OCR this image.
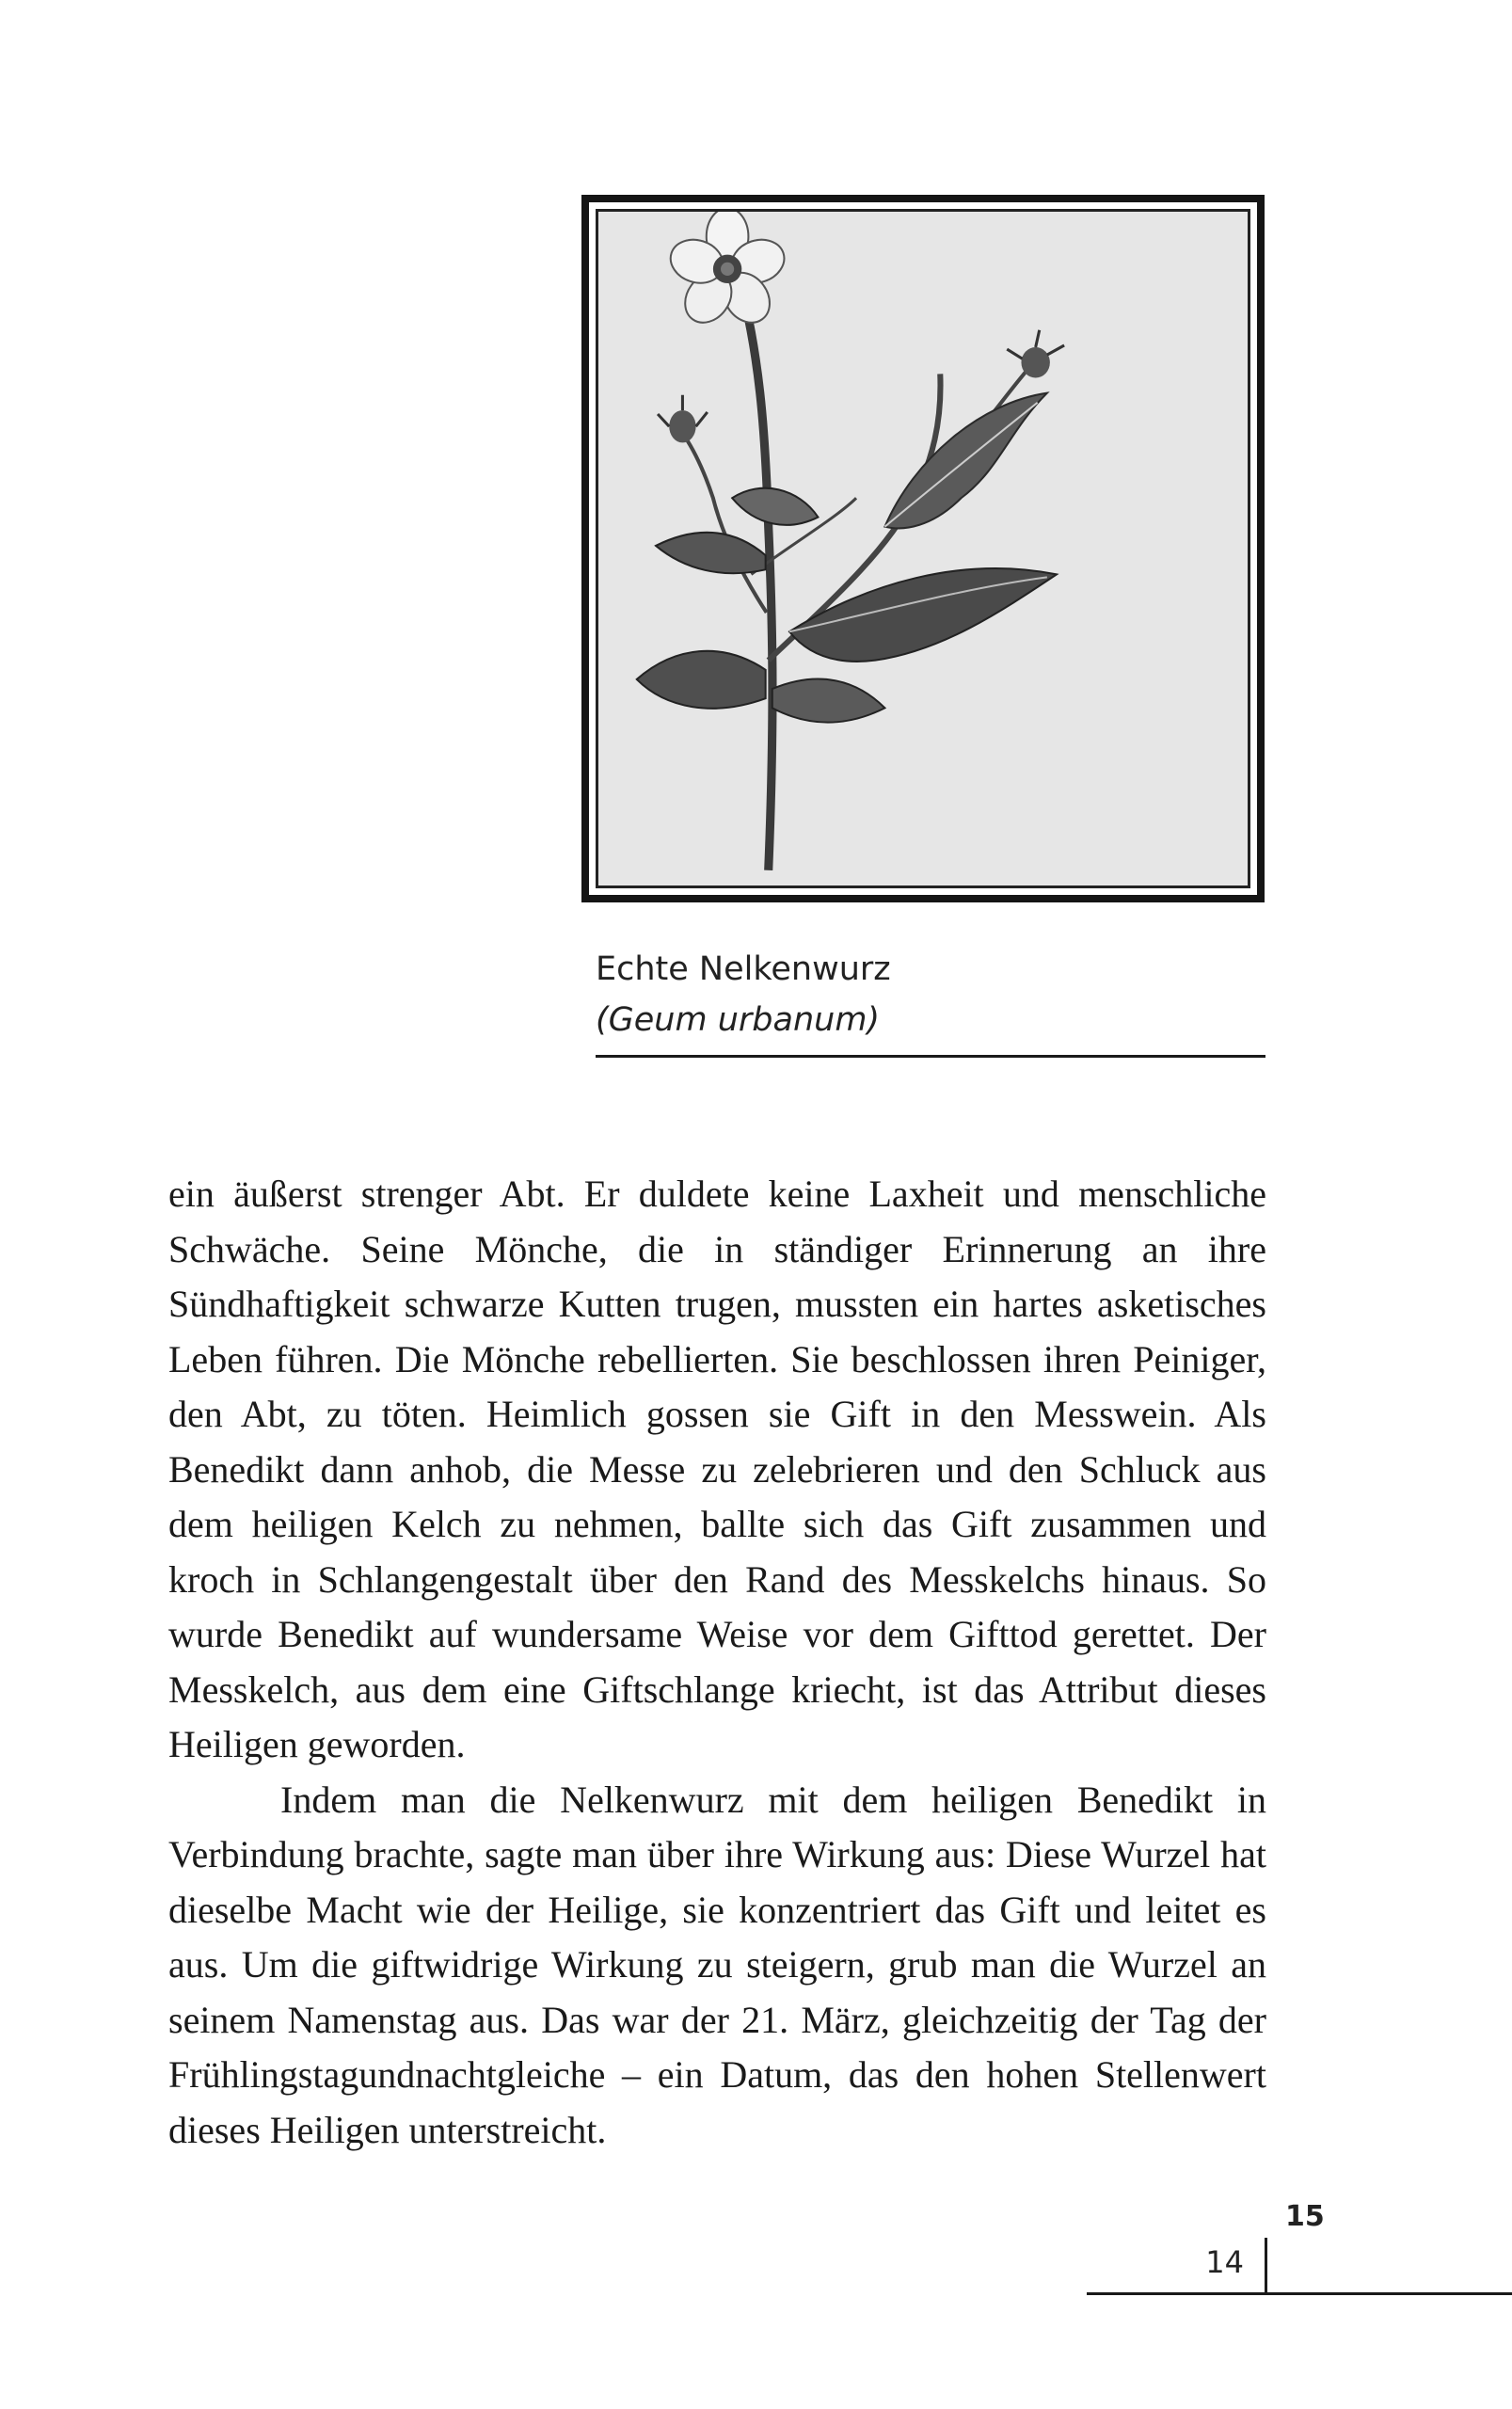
Echte Nelkenwurz
(Geum urbanum)

ein äußerst strenger Abt. Er duldete keine Laxheit und menschliche Schwäche. Seine Mönche, die in ständiger Erinnerung an ihre Sündhaftigkeit schwarze Kutten trugen, mussten ein hartes asketisches Leben führen. Die Mönche rebellierten. Sie beschlossen ihren Peiniger, den Abt, zu töten. Heimlich gossen sie Gift in den Messwein. Als Benedikt dann anhob, die Messe zu zelebrieren und den Schluck aus dem heiligen Kelch zu nehmen, ballte sich das Gift zusammen und kroch in Schlangengestalt über den Rand des Messkelchs hinaus. So wurde Benedikt auf wundersame Weise vor dem Gifttod gerettet. Der Messkelch, aus dem eine Giftschlange kriecht, ist das Attribut dieses Heiligen geworden.

Indem man die Nelkenwurz mit dem heiligen Benedikt in Verbindung brachte, sagte man über ihre Wirkung aus: Diese Wurzel hat dieselbe Macht wie der Heilige, sie konzentriert das Gift und leitet es aus. Um die giftwidrige Wirkung zu steigern, grub man die Wurzel an seinem Namenstag aus. Das war der 21. März, gleichzeitig der Tag der Frühlingstagundnachtgleiche – ein Datum, das den hohen Stellenwert dieses Heiligen unterstreicht.

14
15
